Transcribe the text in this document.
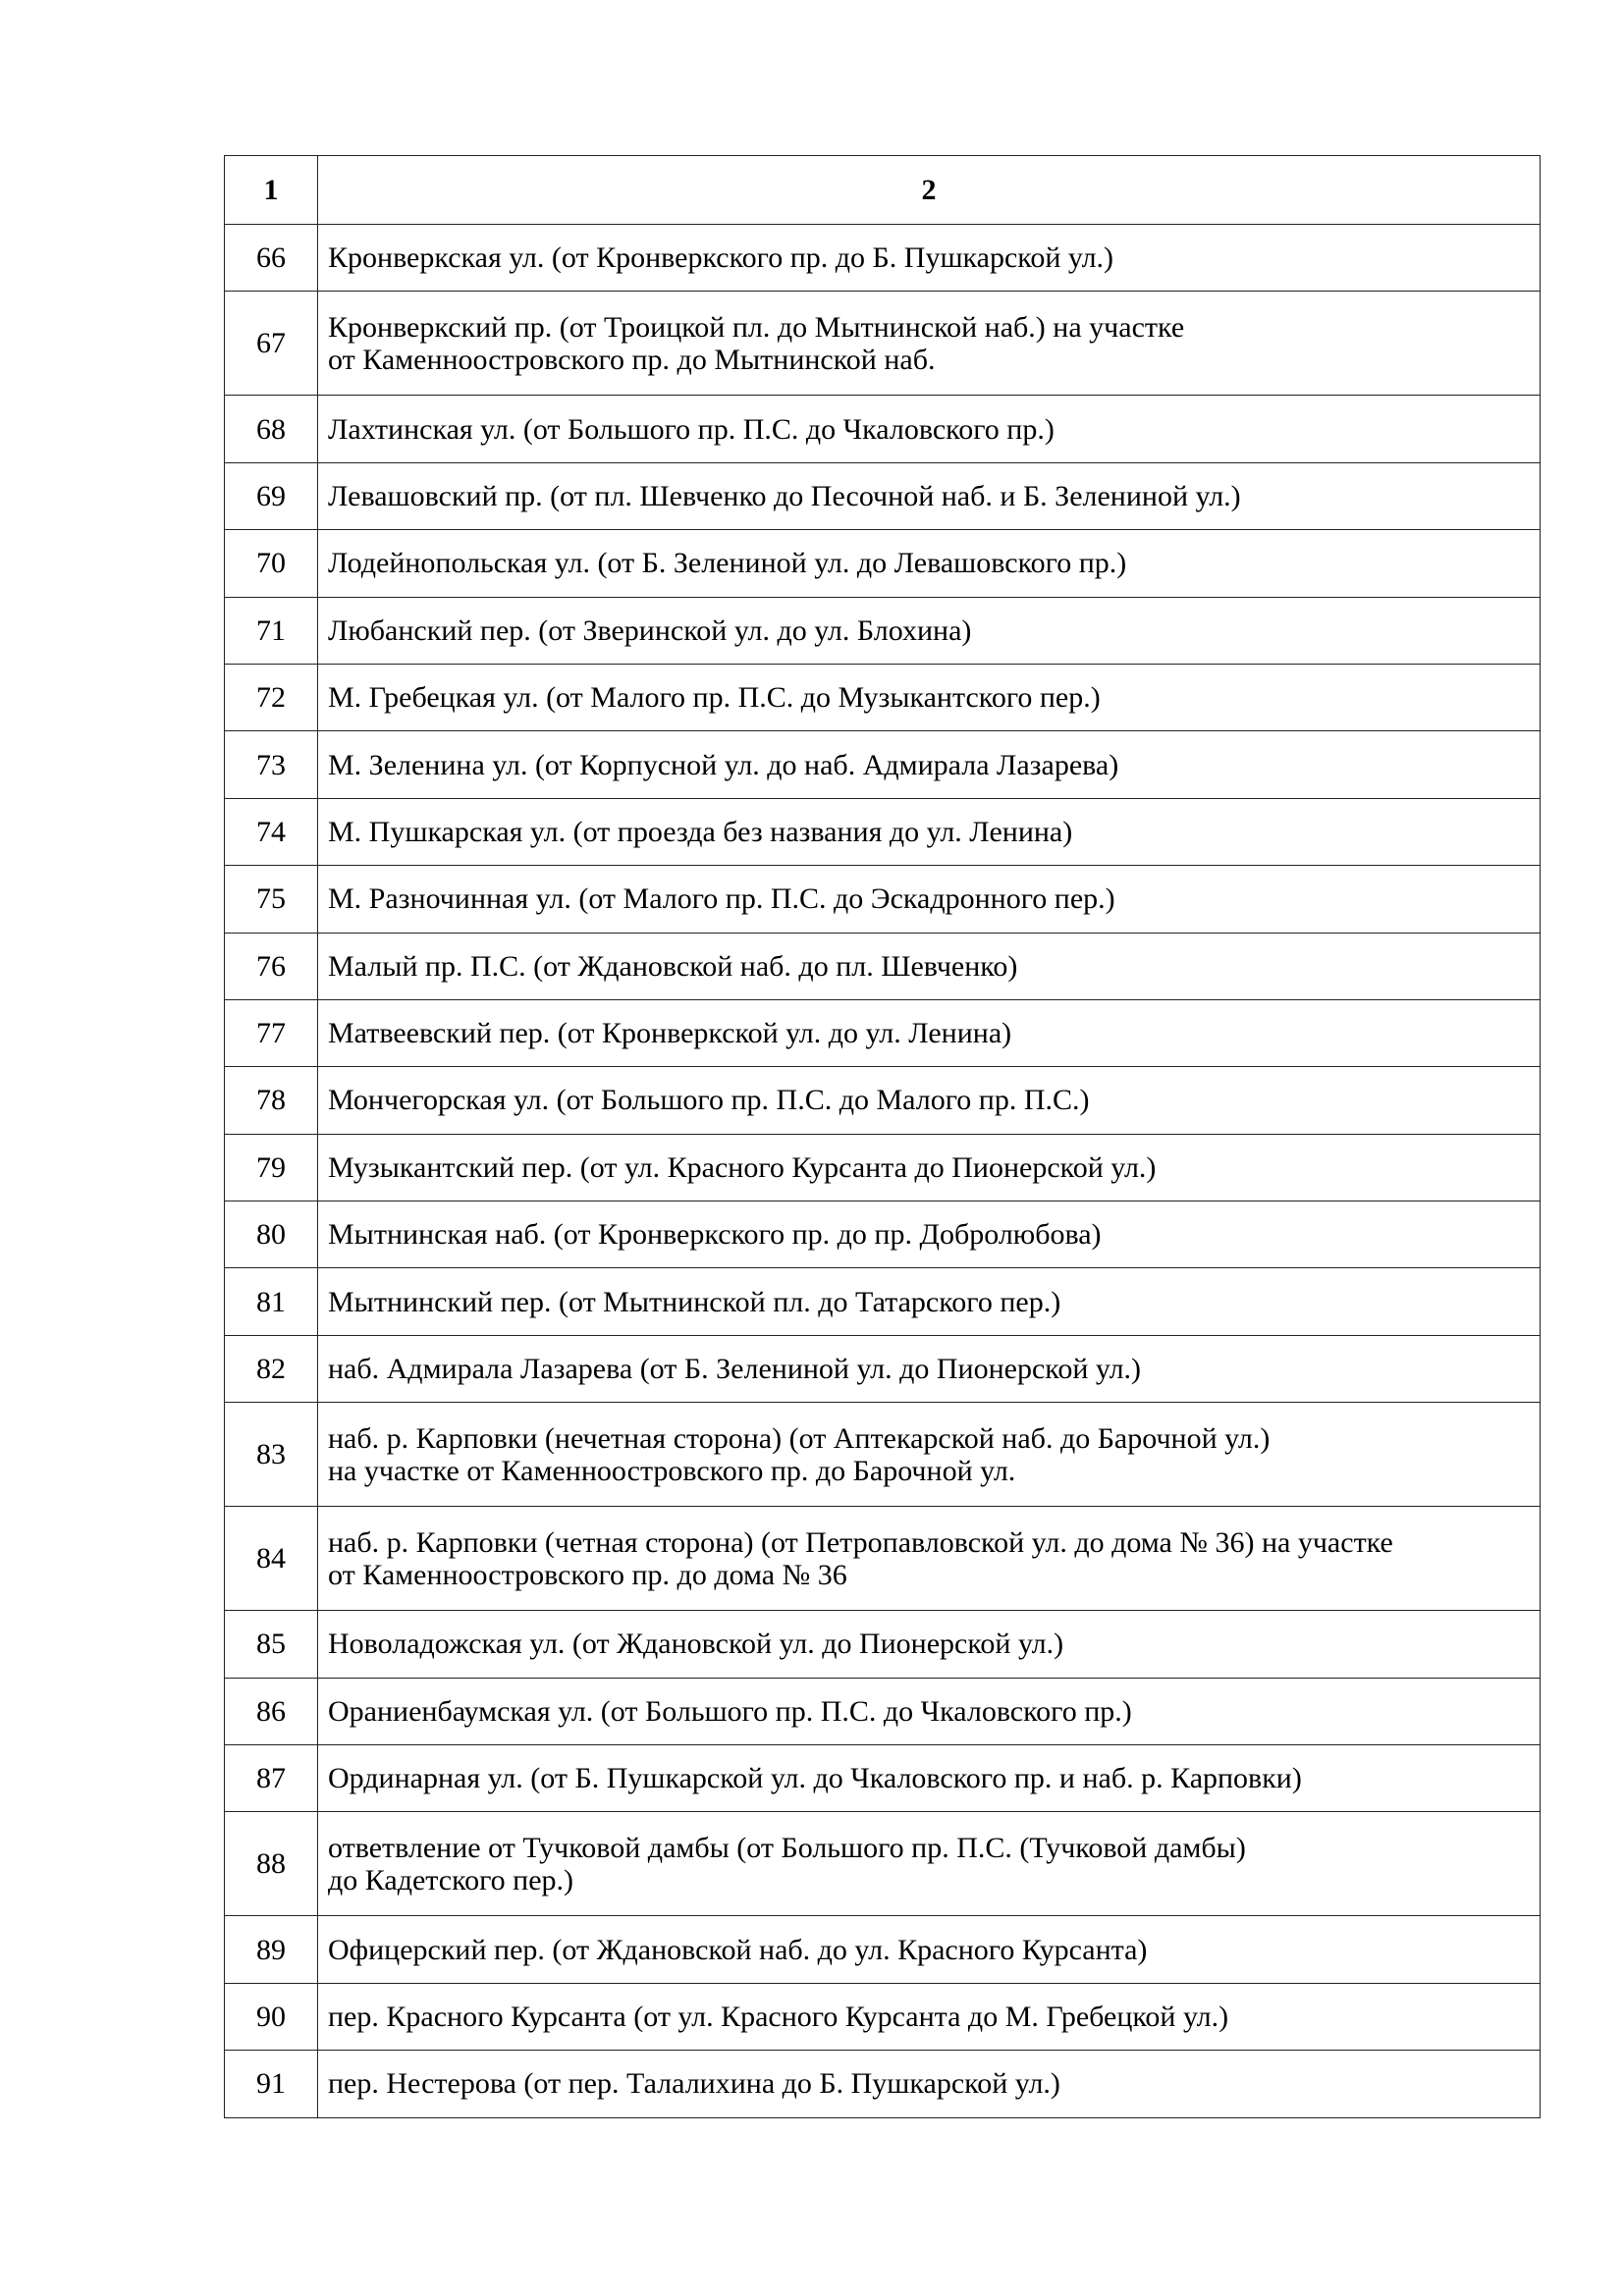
1	2
66	Кронверкская ул. (от Кронверкского пр. до Б. Пушкарской ул.)

67	Кронверкский пр. (от Троицкой пл. до Мытнинской наб.) на участке
от Каменноостровского пр. до Мытнинской наб.

68	Лахтинская ул. (от Большого пр. П.С. до Чкаловского пр.)

69	Левашовский пр. (от пл. Шевченко до Песочной наб. и Б. Зелениной ул.)

70	Лодейнопольская ул. (от Б. Зелениной ул. до Левашовского пр.)

71	Любанский пер. (от Зверинской ул. до ул. Блохина)

72	М. Гребецкая ул. (от Малого пр. П.С. до Музыкантского пер.)

73	М. Зеленина ул. (от Корпусной ул. до наб. Адмирала Лазарева)

74	М. Пушкарская ул. (от проезда без названия до ул. Ленина)

75	М. Разночинная ул. (от Малого пр. П.С. до Эскадронного пер.)

76	Малый пр. П.С. (от Ждановской наб. до пл. Шевченко)

77	Матвеевский пер. (от Кронверкской ул. до ул. Ленина)

78	Мончегорская ул. (от Большого пр. П.С. до Малого пр. П.С.)

79	Музыкантский пер. (от ул. Красного Курсанта до Пионерской ул.)

80	Мытнинская наб. (от Кронверкского пр. до пр. Добролюбова)

81	Мытнинский пер. (от Мытнинской пл. до Татарского пер.)

82	наб. Адмирала Лазарева (от Б. Зелениной ул. до Пионерской ул.)

83	наб. р. Карповки (нечетная сторона) (от Аптекарской наб. до Барочной ул.)
на участке от Каменноостровского пр. до Барочной ул.

84	наб. р. Карповки (четная сторона) (от Петропавловской ул. до дома № 36) на участке
от Каменноостровского пр. до дома № 36

85	Новоладожская ул. (от Ждановской ул. до Пионерской ул.)

86	Ораниенбаумская ул. (от Большого пр. П.С. до Чкаловского пр.)

87	Ординарная ул. (от Б. Пушкарской ул. до Чкаловского пр. и наб. р. Карповки)

88	ответвление от Тучковой дамбы (от Большого пр. П.С. (Тучковой дамбы)
до Кадетского пер.)

89	Офицерский пер. (от Ждановской наб. до ул. Красного Курсанта)

90	пер. Красного Курсанта (от ул. Красного Курсанта до М. Гребецкой ул.)

91	пер. Нестерова (от пер. Талалихина до Б. Пушкарской ул.)
